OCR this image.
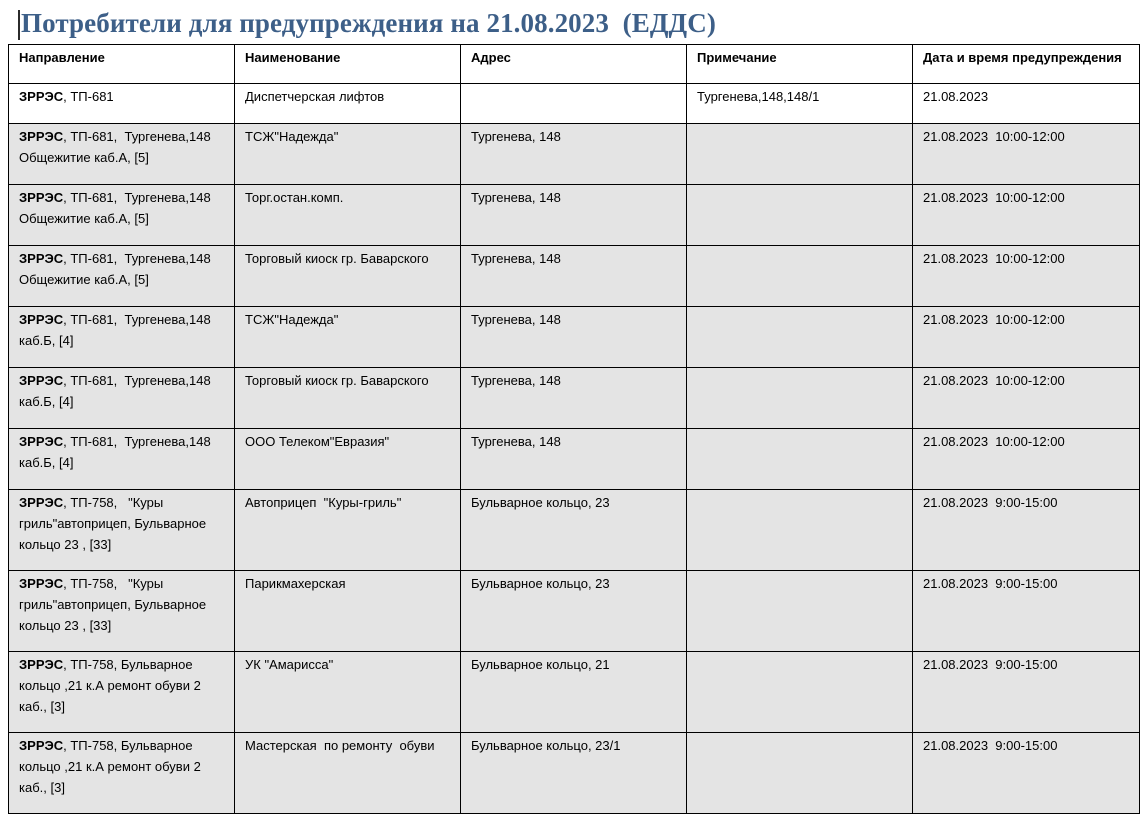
Потребители для предупреждения на 21.08.2023  (ЕДДС)
Направление	Наименование	Адрес	Примечание	Дата и время предупреждения
ЗРРЭС, ТП-681	Диспетчерская лифтов		Тургенева,148,148/1	21.08.2023
ЗРРЭС, ТП-681,  Тургенева,148 Общежитие каб.А, [5]	ТСЖ"Надежда"	Тургенева, 148		21.08.2023  10:00-12:00
ЗРРЭС, ТП-681,  Тургенева,148 Общежитие каб.А, [5]	Торг.остан.комп.	Тургенева, 148		21.08.2023  10:00-12:00
ЗРРЭС, ТП-681,  Тургенева,148 Общежитие каб.А, [5]	Торговый киоск гр. Баварского	Тургенева, 148		21.08.2023  10:00-12:00
ЗРРЭС, ТП-681,  Тургенева,148 каб.Б, [4]	ТСЖ"Надежда"	Тургенева, 148		21.08.2023  10:00-12:00
ЗРРЭС, ТП-681,  Тургенева,148 каб.Б, [4]	Торговый киоск гр. Баварского	Тургенева, 148		21.08.2023  10:00-12:00
ЗРРЭС, ТП-681,  Тургенева,148 каб.Б, [4]	ООО Телеком"Евразия"	Тургенева, 148		21.08.2023  10:00-12:00
ЗРРЭС, ТП-758,   "Куры гриль"автоприцеп, Бульварное кольцо 23 , [33]	Автоприцеп  "Куры-гриль"	Бульварное кольцо, 23		21.08.2023  9:00-15:00
ЗРРЭС, ТП-758,   "Куры гриль"автоприцеп, Бульварное кольцо 23 , [33]	Парикмахерская	Бульварное кольцо, 23		21.08.2023  9:00-15:00
ЗРРЭС, ТП-758, Бульварное кольцо ,21 к.А ремонт обуви 2 каб., [3]	УК "Амарисса"	Бульварное кольцо, 21		21.08.2023  9:00-15:00
ЗРРЭС, ТП-758, Бульварное кольцо ,21 к.А ремонт обуви 2 каб., [3]	Мастерская  по ремонту  обуви	Бульварное кольцо, 23/1		21.08.2023  9:00-15:00
